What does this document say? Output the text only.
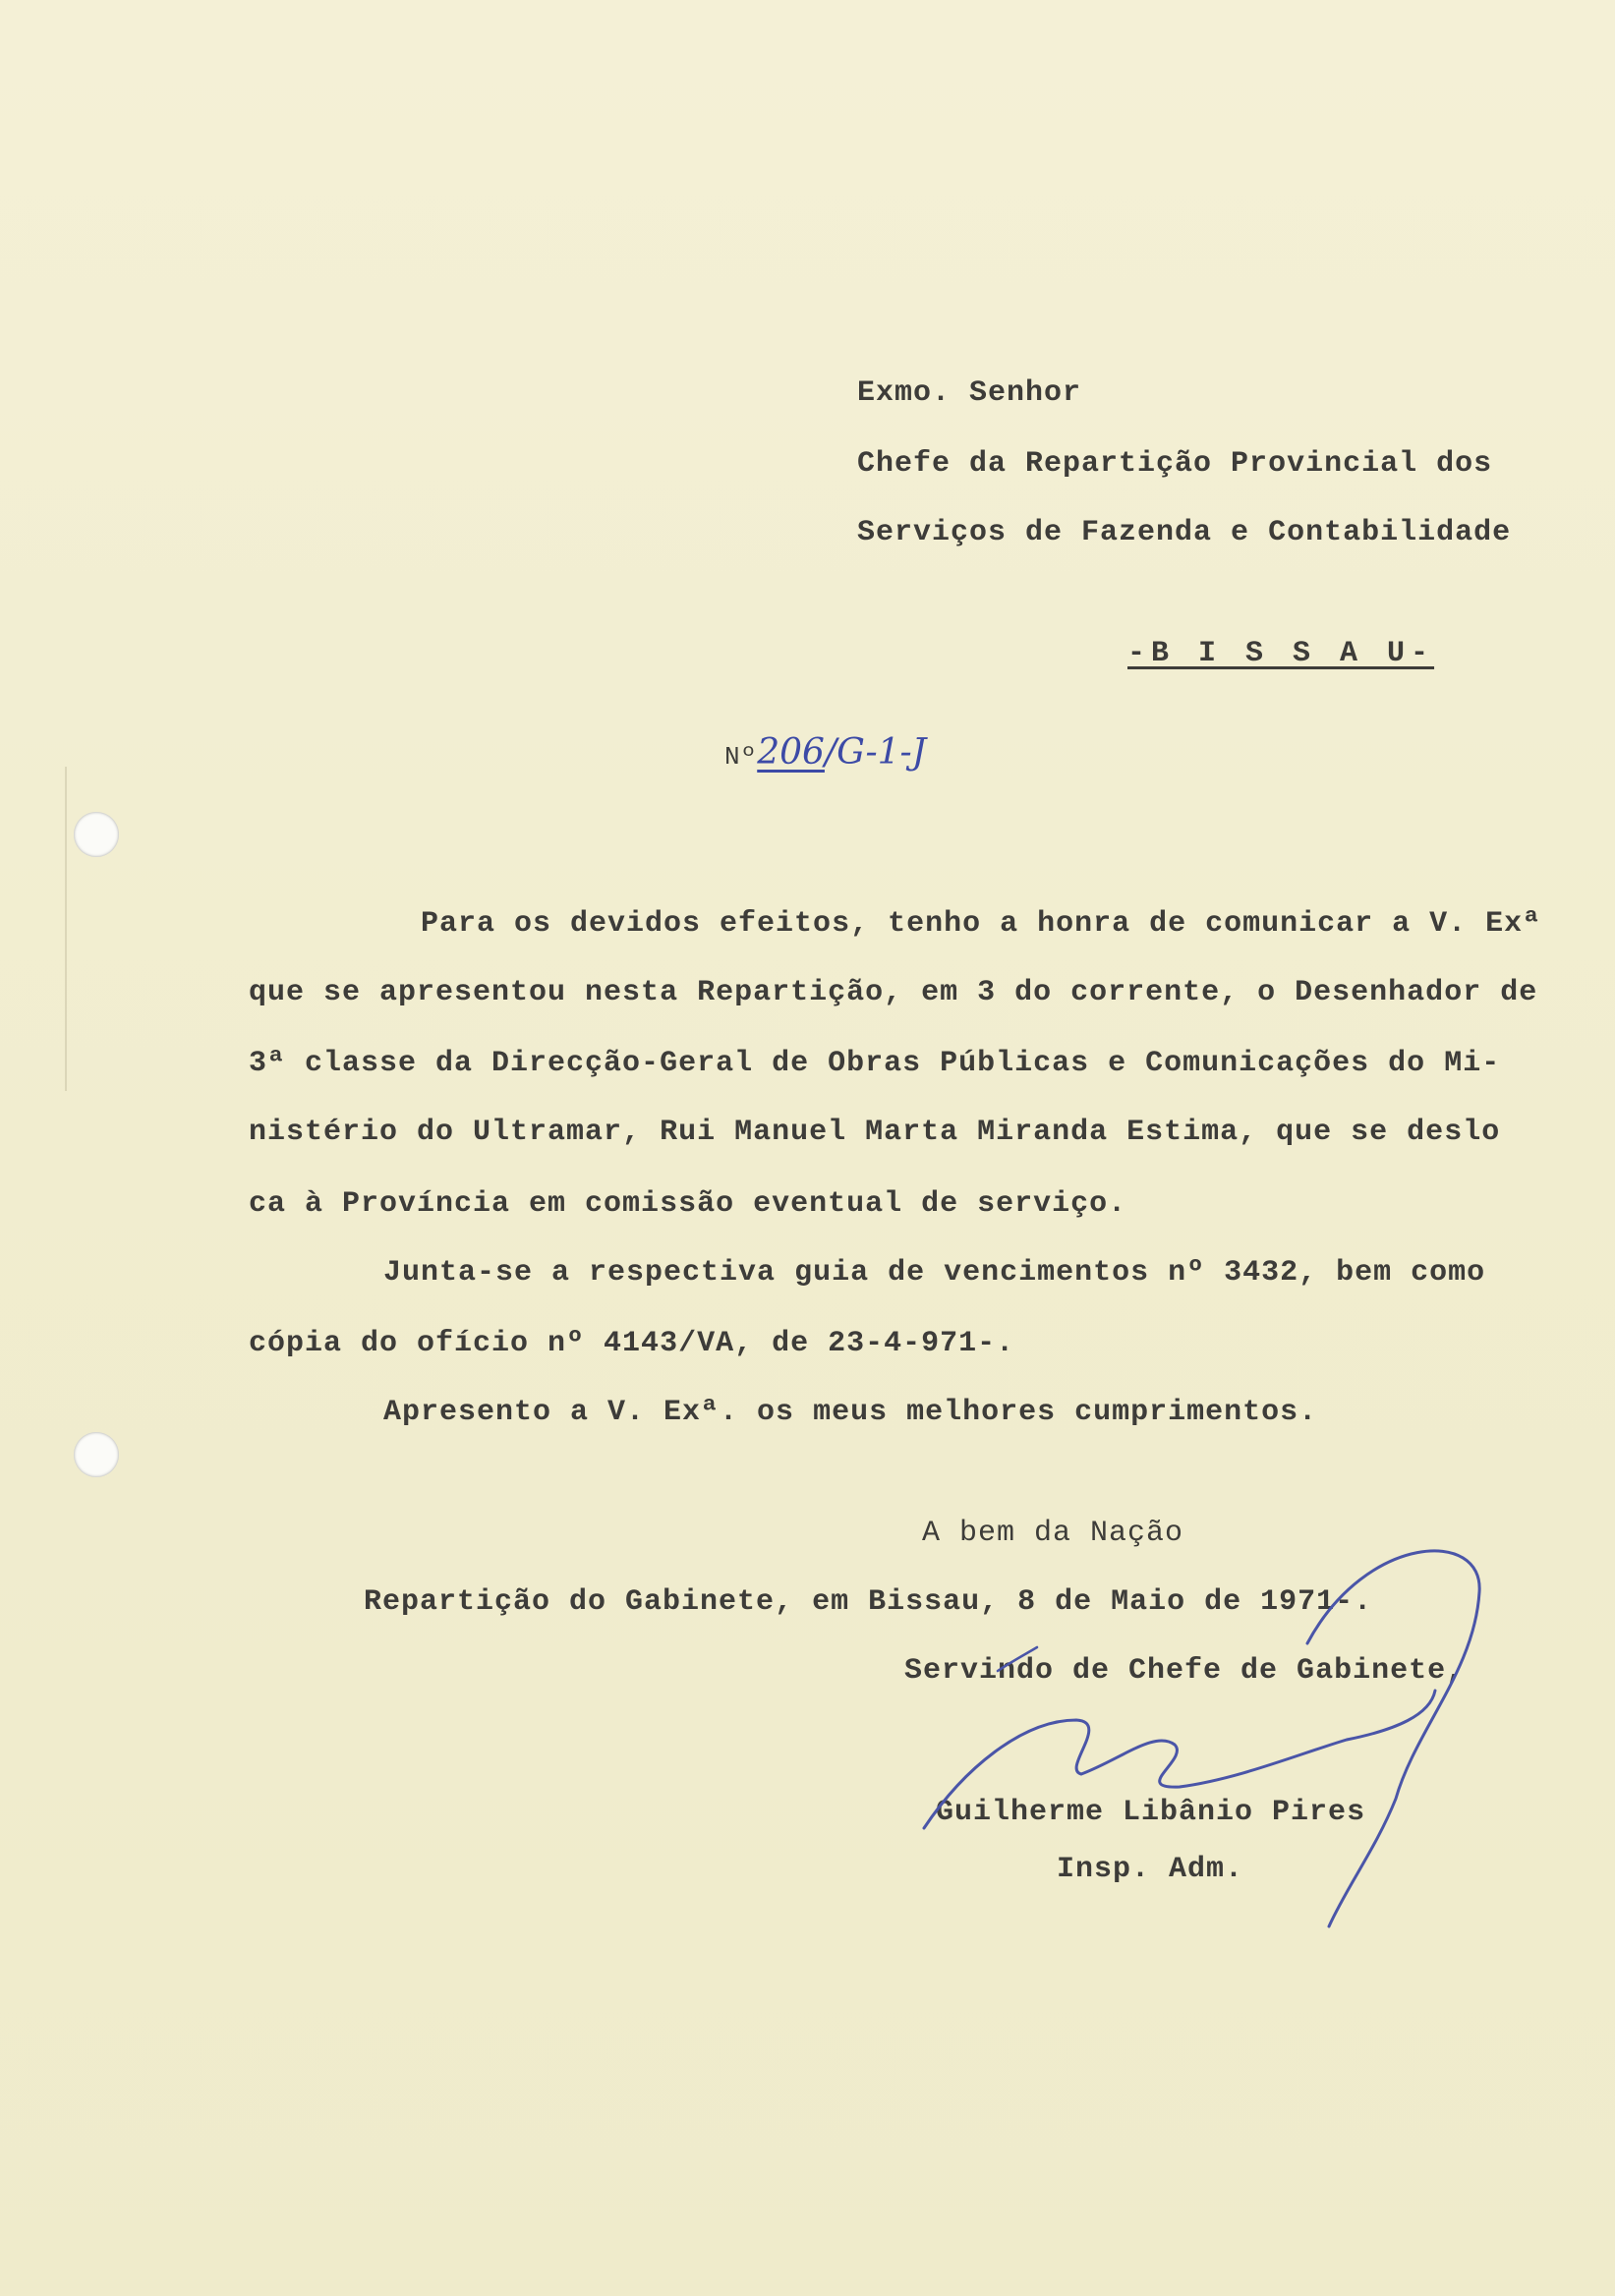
Exmo. Senhor
Chefe da Repartição Provincial dos
Serviços de Fazenda e Contabilidade
-B I S S A U-
Nº206/G-1-J
Para os devidos efeitos, tenho a honra de comunicar a V. Exª
que se apresentou nesta Repartição, em 3 do corrente, o Desenhador de
3ª classe da Direcção-Geral de Obras Públicas e Comunicações do Mi-
nistério do Ultramar, Rui Manuel Marta Miranda Estima, que se deslo
ca à Província em comissão eventual de serviço.
Junta-se a respectiva guia de vencimentos nº 3432, bem como
cópia do ofício nº 4143/VA, de 23-4-971-.
Apresento a V. Exª. os meus melhores cumprimentos.
A bem da Nação
Repartição do Gabinete, em Bissau, 8 de Maio de 1971-.
Servindo de Chefe de Gabinete,
Guilherme Libânio Pires
Insp. Adm.
